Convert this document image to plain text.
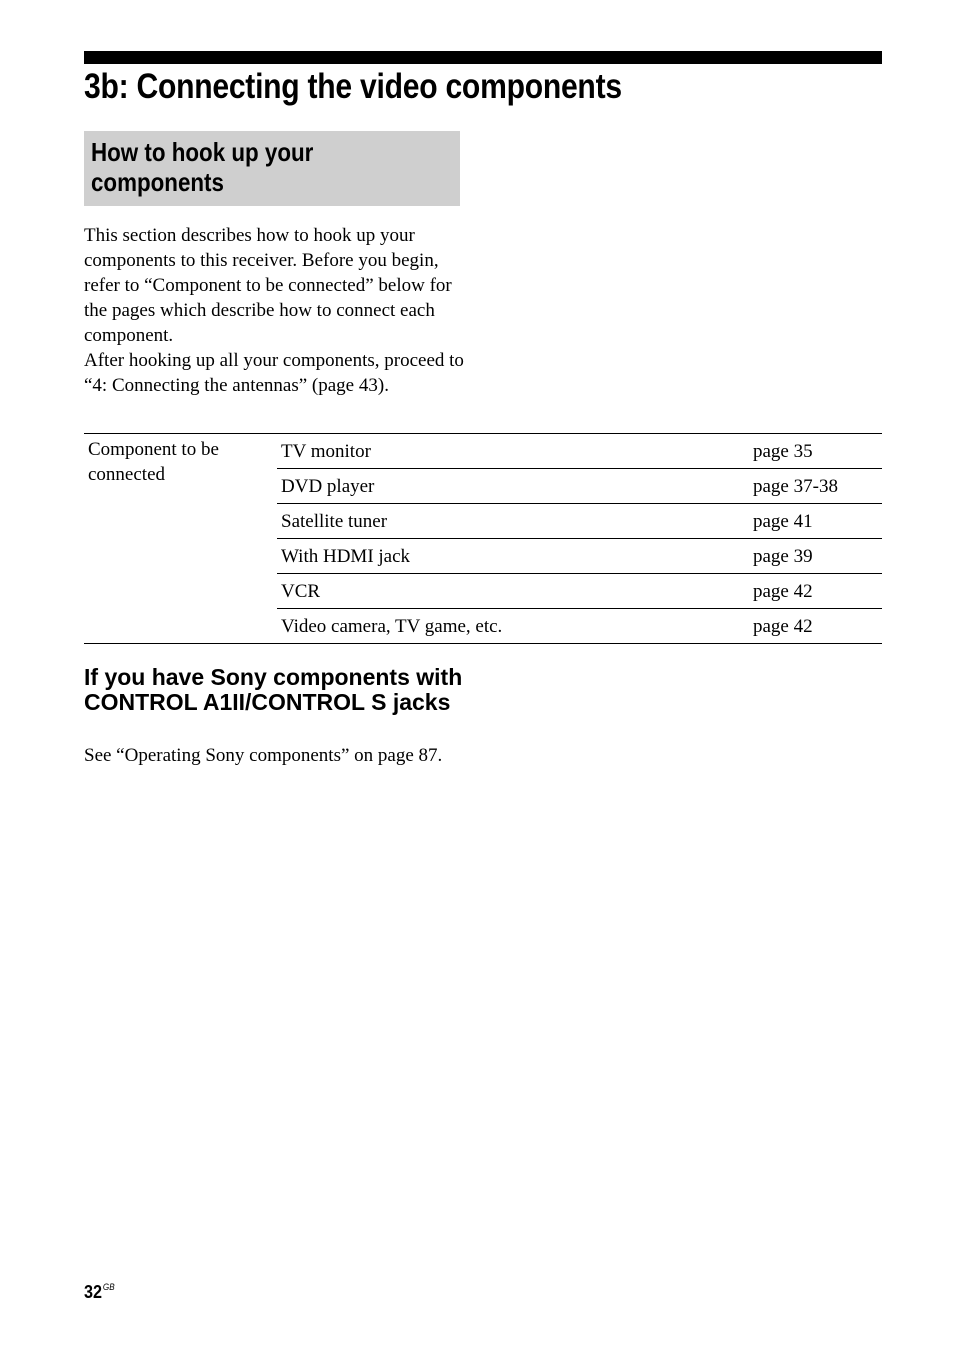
3b: Connecting the video components
How to hook up your
components

This section describes how to hook up your components to this receiver. Before you begin, refer to “Component to be connected” below for the pages which describe how to connect each component.

After hooking up all your components, proceed to “4: Connecting the antennas” (page 43).

Component to be connected	TV monitor	page 35
	DVD player	page 37-38
	Satellite tuner	page 41
	With HDMI jack	page 39
	VCR	page 42
	Video camera, TV game, etc.	page 42
If you have Sony components with CONTROL A1II/CONTROL S jacks

See “Operating Sony components” on page 87.

$32^{GB}$
